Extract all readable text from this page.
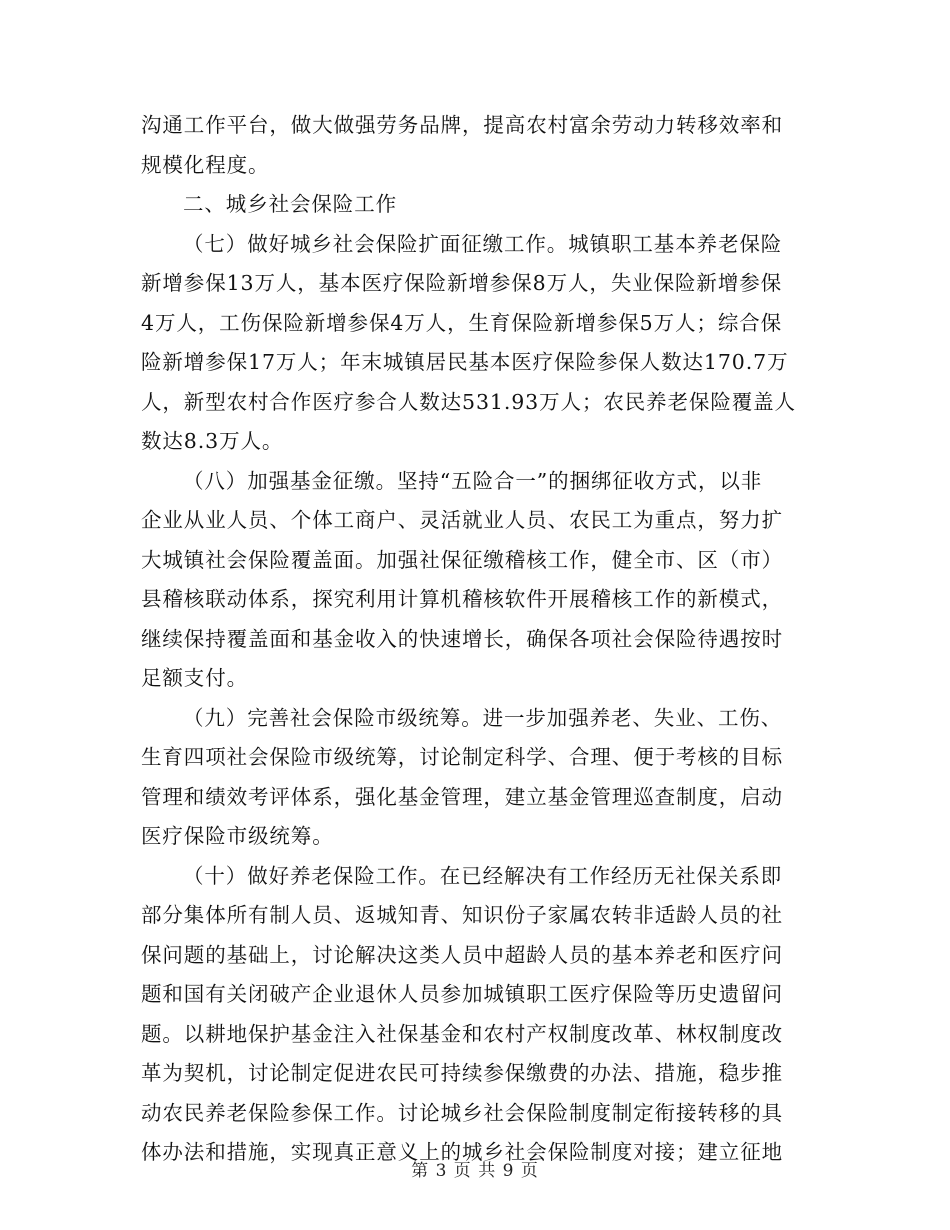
沟通工作平台，做大做强劳务品牌，提高农村富余劳动力转移效率和
规模化程度。

二、城乡社会保险工作

（七）做好城乡社会保险扩面征缴工作。城镇职工基本养老保险
新增参保13万人，基本医疗保险新增参保8万人，失业保险新增参保
4万人，工伤保险新增参保4万人，生育保险新增参保5万人；综合保
险新增参保17万人；年末城镇居民基本医疗保险参保人数达170.7万
人，新型农村合作医疗参合人数达531.93万人；农民养老保险覆盖人
数达8.3万人。

（八）加强基金征缴。坚持“五险合一”的捆绑征收方式，以非
企业从业人员、个体工商户、灵活就业人员、农民工为重点，努力扩
大城镇社会保险覆盖面。加强社保征缴稽核工作，健全市、区（市）
县稽核联动体系，探究利用计算机稽核软件开展稽核工作的新模式，
继续保持覆盖面和基金收入的快速增长，确保各项社会保险待遇按时
足额支付。

（九）完善社会保险市级统筹。进一步加强养老、失业、工伤、
生育四项社会保险市级统筹，讨论制定科学、合理、便于考核的目标
管理和绩效考评体系，强化基金管理，建立基金管理巡查制度，启动
医疗保险市级统筹。

（十）做好养老保险工作。在已经解决有工作经历无社保关系即
部分集体所有制人员、返城知青、知识份子家属农转非适龄人员的社
保问题的基础上，讨论解决这类人员中超龄人员的基本养老和医疗问
题和国有关闭破产企业退休人员参加城镇职工医疗保险等历史遗留问
题。以耕地保护基金注入社保基金和农村产权制度改革、林权制度改
革为契机，讨论制定促进农民可持续参保缴费的办法、措施，稳步推
动农民养老保险参保工作。讨论城乡社会保险制度制定衔接转移的具
体办法和措施，实现真正意义上的城乡社会保险制度对接；建立征地

第 3 页 共 9 页
